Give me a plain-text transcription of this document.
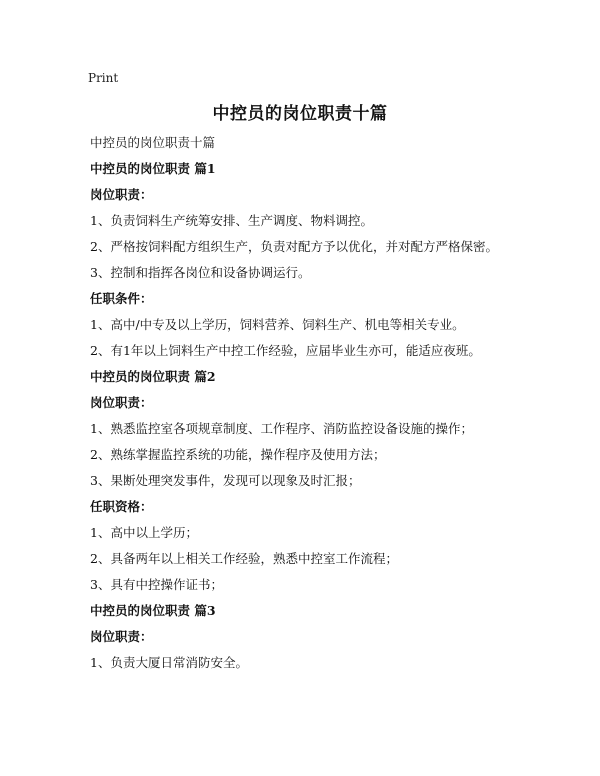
Print
中控员的岗位职责十篇
中控员的岗位职责十篇
中控员的岗位职责 篇1
岗位职责：
1、负责饲料生产统筹安排、生产调度、物料调控。
2、严格按饲料配方组织生产，负责对配方予以优化，并对配方严格保密。
3、控制和指挥各岗位和设备协调运行。
任职条件：
1、高中/中专及以上学历，饲料营养、饲料生产、机电等相关专业。
2、有1年以上饲料生产中控工作经验，应届毕业生亦可，能适应夜班。
中控员的岗位职责 篇2
岗位职责：
1、熟悉监控室各项规章制度、工作程序、消防监控设备设施的操作；
2、熟练掌握监控系统的功能，操作程序及使用方法；
3、果断处理突发事件，发现可以现象及时汇报；
任职资格：
1、高中以上学历；
2、具备两年以上相关工作经验，熟悉中控室工作流程；
3、具有中控操作证书；
中控员的岗位职责 篇3
岗位职责：
1、负责大厦日常消防安全。
